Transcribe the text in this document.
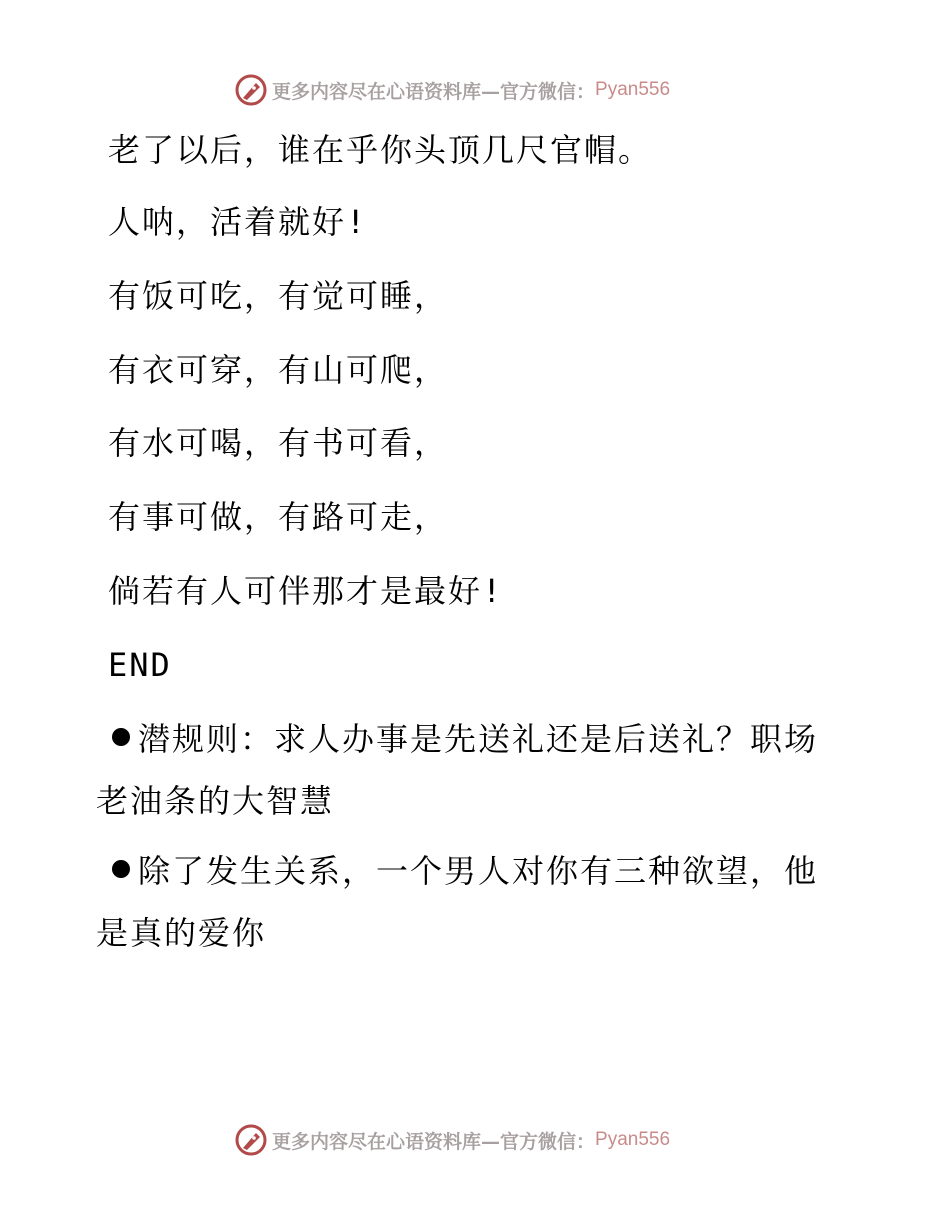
更多内容尽在心语资料库—官方微信： Pyan556
老了以后，谁在乎你头顶几尺官帽。
人呐，活着就好!
有饭可吃，有觉可睡，
有衣可穿，有山可爬，
有水可喝，有书可看，
有事可做，有路可走，
倘若有人可伴那才是最好!
END
潜规则：求人办事是先送礼还是后送礼？职场
老油条的大智慧
除了发生关系，一个男人对你有三种欲望，他
是真的爱你
更多内容尽在心语资料库—官方微信： Pyan556
